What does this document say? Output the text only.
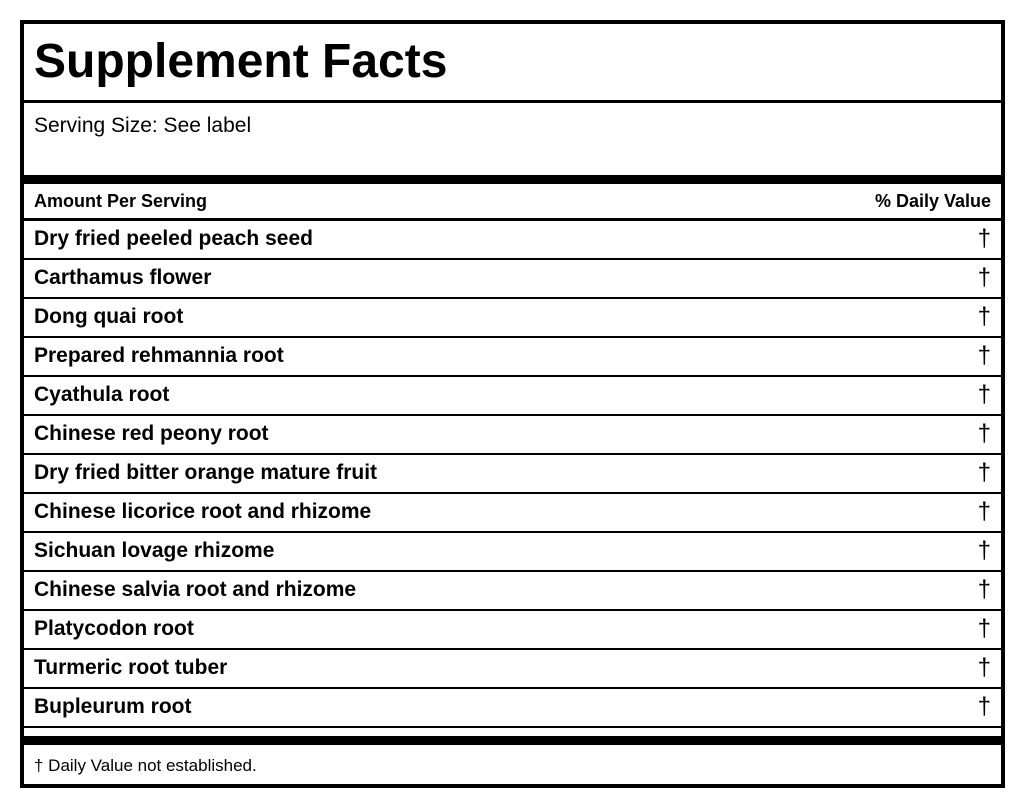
Supplement Facts
Serving Size: See label
Amount Per Serving	% Daily Value
Dry fried peeled peach seed	†
Carthamus flower	†
Dong quai root	†
Prepared rehmannia root	†
Cyathula root	†
Chinese red peony root	†
Dry fried bitter orange mature fruit	†
Chinese licorice root and rhizome	†
Sichuan lovage rhizome	†
Chinese salvia root and rhizome	†
Platycodon root	†
Turmeric root tuber	†
Bupleurum root	†
† Daily Value not established.
